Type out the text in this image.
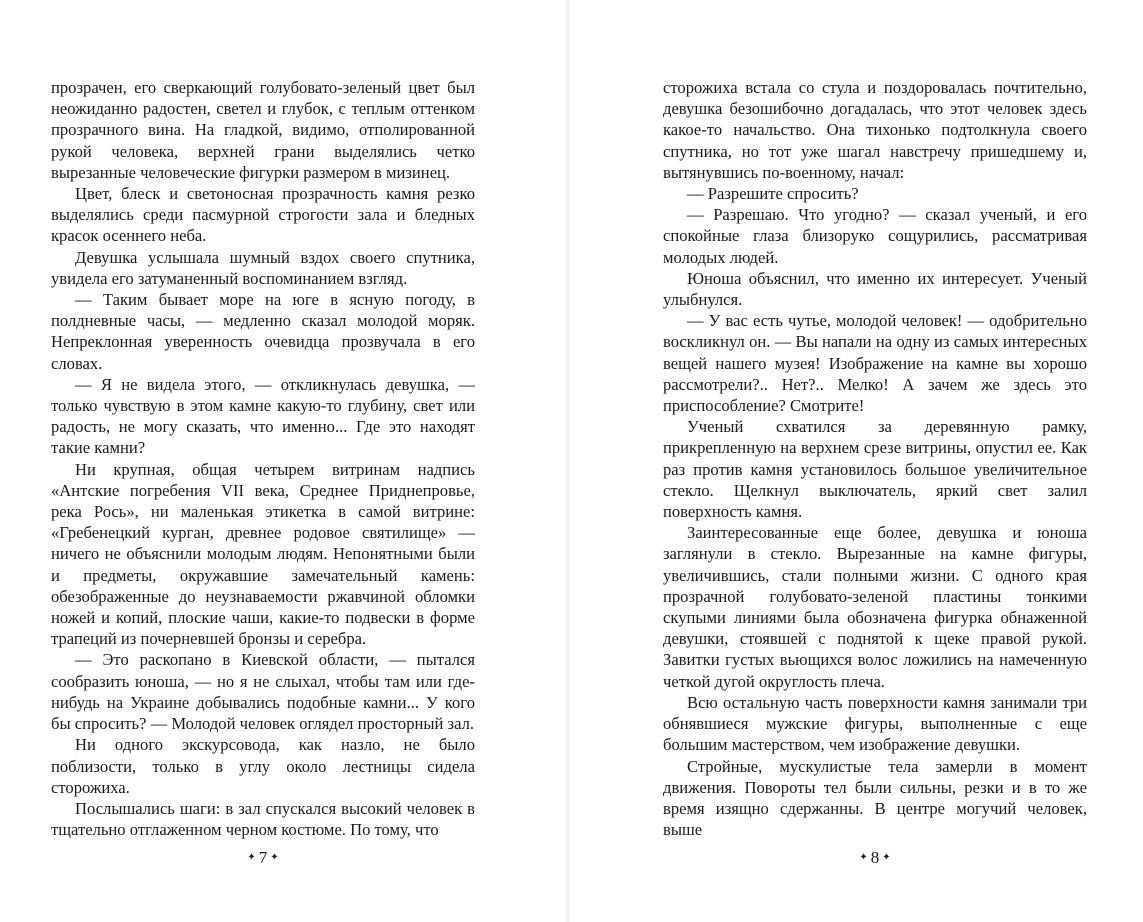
прозрачен, его сверкающий голубовато-зеленый цвет был неожиданно радостен, светел и глубок, с теплым оттенком прозрачного вина. На гладкой, видимо, отполированной рукой человека, верхней грани выделялись четко вырезанные человеческие фигурки размером в мизинец.

Цвет, блеск и светоносная прозрачность камня резко выделялись среди пасмурной строгости зала и бледных красок осеннего неба.

Девушка услышала шумный вздох своего спутника, увидела его затуманенный воспоминанием взгляд.

— Таким бывает море на юге в ясную погоду, в полдневные часы, — медленно сказал молодой моряк. Непреклонная уверенность очевидца прозвучала в его словах.

— Я не видела этого, — откликнулась девушка, — только чувствую в этом камне какую-то глубину, свет или радость, не могу сказать, что именно... Где это находят такие камни?

Ни крупная, общая четырем витринам надпись «Антские погребения VII века, Среднее Приднепровье, река Рось», ни маленькая этикетка в самой витрине: «Гребенецкий курган, древнее родовое святилище» — ничего не объяснили молодым людям. Непонятными были и предметы, окружавшие замечательный камень: обезображенные до неузнаваемости ржавчиной обломки ножей и копий, плоские чаши, какие-то подвески в форме трапеций из почерневшей бронзы и серебра.

— Это раскопано в Киевской области, — пытался сообразить юноша, — но я не слыхал, чтобы там или где-нибудь на Украине добывались подобные камни... У кого бы спросить? — Молодой человек оглядел просторный зал.

Ни одного экскурсовода, как назло, не было поблизости, только в углу около лестницы сидела сторожиха.

Послышались шаги: в зал спускался высокий человек в тщательно отглаженном черном костюме. По тому, что

✦ 7 ✦

сторожиха встала со стула и поздоровалась почтительно, девушка безошибочно догадалась, что этот человек здесь какое-то начальство. Она тихонько подтолкнула своего спутника, но тот уже шагал навстречу пришедшему и, вытянувшись по-военному, начал:

— Разрешите спросить?

— Разрешаю. Что угодно? — сказал ученый, и его спокойные глаза близоруко сощурились, рассматривая молодых людей.

Юноша объяснил, что именно их интересует. Ученый улыбнулся.

— У вас есть чутье, молодой человек! — одобрительно воскликнул он. — Вы напали на одну из самых интересных вещей нашего музея! Изображение на камне вы хорошо рассмотрели?.. Нет?.. Мелко! А зачем же здесь это приспособление? Смотрите!

Ученый схватился за деревянную рамку, прикрепленную на верхнем срезе витрины, опустил ее. Как раз против камня установилось большое увеличительное стекло. Щелкнул выключатель, яркий свет залил поверхность камня.

Заинтересованные еще более, девушка и юноша заглянули в стекло. Вырезанные на камне фигуры, увеличившись, стали полными жизни. С одного края прозрачной голубовато-зеленой пластины тонкими скупыми линиями была обозначена фигурка обнаженной девушки, стоявшей с поднятой к щеке правой рукой. Завитки густых вьющихся волос ложились на намеченную четкой дугой округлость плеча.

Всю остальную часть поверхности камня занимали три обнявшиеся мужские фигуры, выполненные с еще большим мастерством, чем изображение девушки.

Стройные, мускулистые тела замерли в момент движения. Повороты тел были сильны, резки и в то же время изящно сдержанны. В центре могучий человек, выше

✦ 8 ✦
